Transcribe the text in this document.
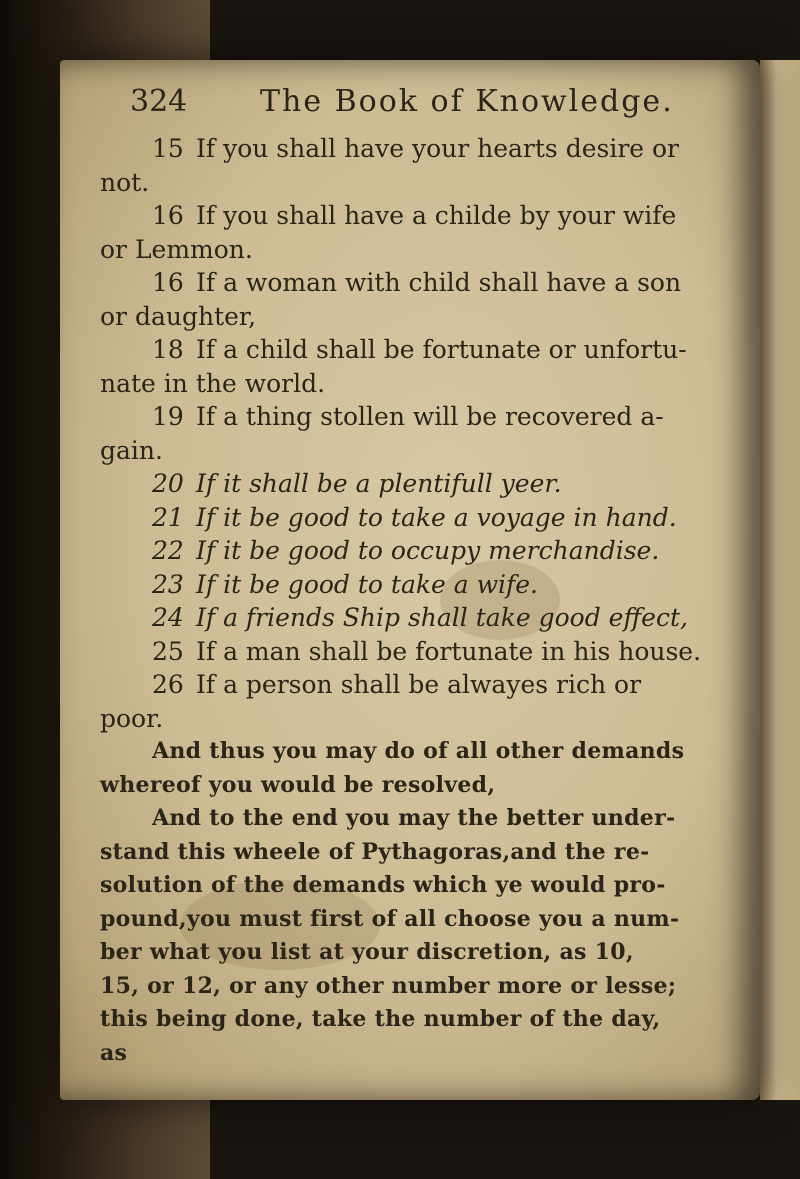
324 The Book of Knowledge.
15 If you shall have your hearts desire or
not.
16 If you shall have a childe by your wife
or Lemmon.
16 If a woman with child shall have a son
or daughter,
18 If a child shall be fortunate or unfortu-
nate in the world.
19 If a thing stollen will be recovered a-
gain.
20 If it shall be a plentifull yeer.
21 If it be good to take a voyage in hand.
22 If it be good to occupy merchandise.
23 If it be good to take a wife.
24 If a friends Ship shall take good effect,
25 If a man shall be fortunate in his house.
26 If a person shall be alwayes rich or
poor.
And thus you may do of all other demands
whereof you would be resolved,
And to the end you may the better under-
stand this wheele of Pythagoras,and the re-
solution of the demands which ye would pro-
pound,you must first of all choose you a num-
ber what you list at your discretion, as 10,
15, or 12, or any other number more or lesse;
this being done, take the number of the day,
as
